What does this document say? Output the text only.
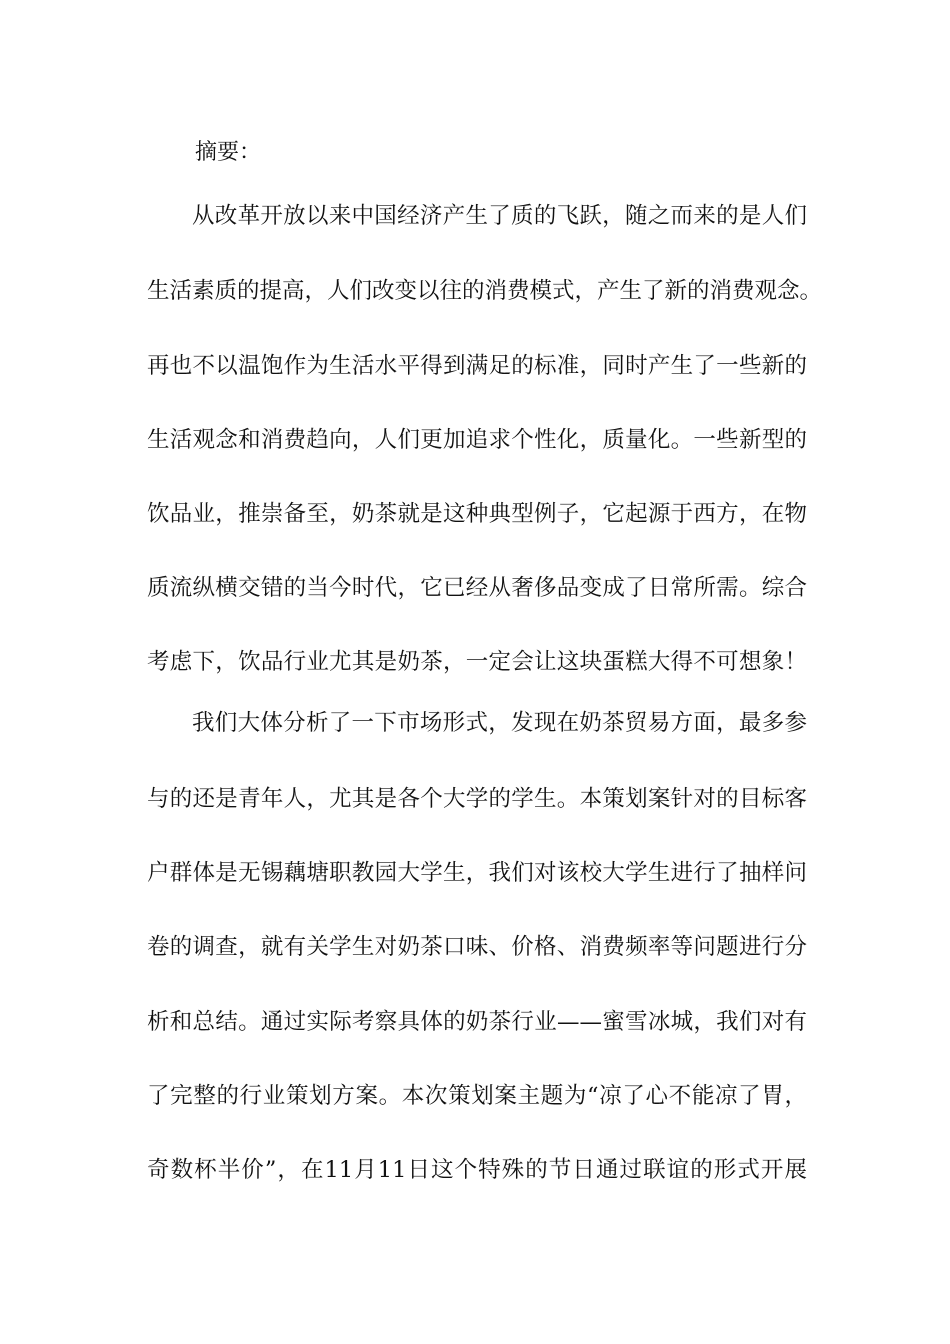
摘要：
从改革开放以来中国经济产生了质的飞跃，随之而来的是人们
生活素质的提高，人们改变以往的消费模式，产生了新的消费观念。
再也不以温饱作为生活水平得到满足的标准，同时产生了一些新的
生活观念和消费趋向，人们更加追求个性化，质量化。一些新型的
饮品业，推崇备至，奶茶就是这种典型例子，它起源于西方，在物
质流纵横交错的当今时代，它已经从奢侈品变成了日常所需。综合
考虑下，饮品行业尤其是奶茶，一定会让这块蛋糕大得不可想象！
我们大体分析了一下市场形式，发现在奶茶贸易方面，最多参
与的还是青年人，尤其是各个大学的学生。本策划案针对的目标客
户群体是无锡藕塘职教园大学生，我们对该校大学生进行了抽样问
卷的调查，就有关学生对奶茶口味、价格、消费频率等问题进行分
析和总结。通过实际考察具体的奶茶行业——蜜雪冰城，我们对有
了完整的行业策划方案。本次策划案主题为“凉了心不能凉了胃，
奇数杯半价”，在11月11日这个特殊的节日通过联谊的形式开展
